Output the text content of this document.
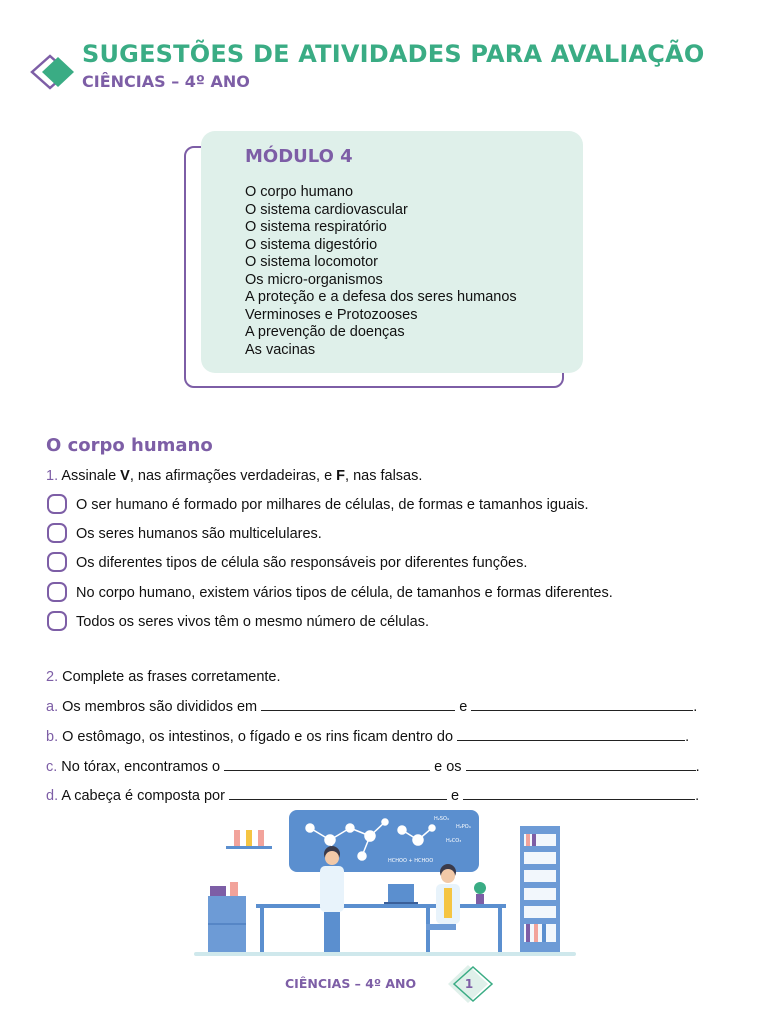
SUGESTÕES DE ATIVIDADES PARA AVALIAÇÃO
CIÊNCIAS – 4º ANO
MÓDULO 4
O corpo humano
O sistema cardiovascular
O sistema respiratório
O sistema digestório
O sistema locomotor
Os micro-organismos
A proteção e a defesa dos seres humanos
Verminoses e Protozooses
A prevenção de doenças
As vacinas
O corpo humano
1. Assinale V, nas afirmações verdadeiras, e F, nas falsas.
O ser humano é formado por milhares de células, de formas e tamanhos iguais.
Os seres humanos são multicelulares.
Os diferentes tipos de célula são responsáveis por diferentes funções.
No corpo humano, existem vários tipos de célula, de tamanhos e formas diferentes.
Todos os seres vivos têm o mesmo número de células.
2. Complete as frases corretamente.
a. Os membros são divididos em	e	.
b. O estômago, os intestinos, o fígado e os rins ficam dentro do	.
c. No tórax, encontramos o	e os	.
d. A cabeça é composta por	e	.
H₂SO₄
H₂PO₄
H₂CO₃
HCHOO + HCHOO
CIÊNCIAS – 4º ANO	1
